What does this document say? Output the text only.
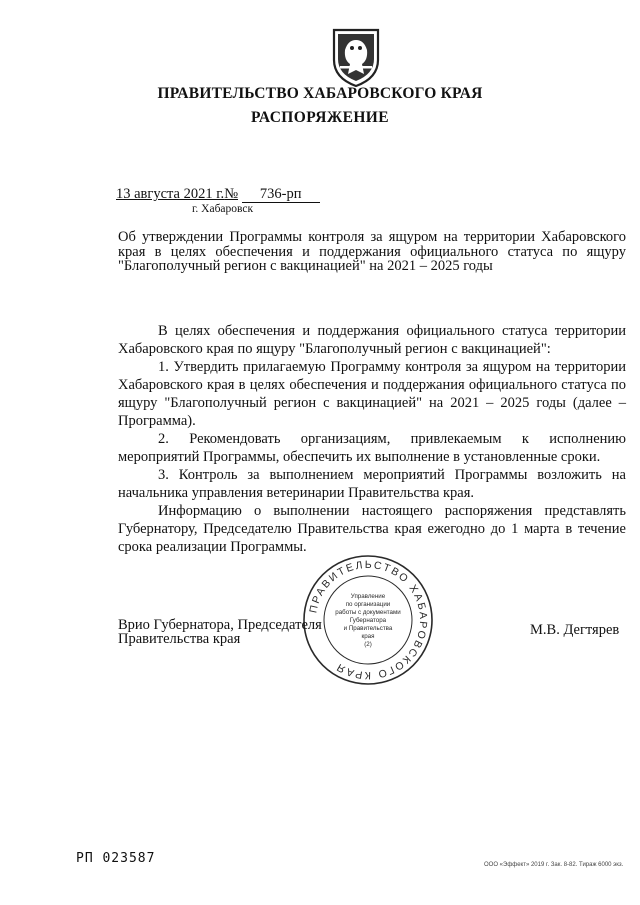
ПРАВИТЕЛЬСТВО ХАБАРОВСКОГО КРАЯ
РАСПОРЯЖЕНИЕ
13 августа 2021 г.№ 736-рп
г. Хабаровск
Об утверждении Программы контроля за ящуром на территории Хабаровского края в целях обеспечения и поддержания официального статуса по ящуру "Благополучный регион с вакцинацией" на 2021 – 2025 годы

В целях обеспечения и поддержания официального статуса территории Хабаровского края по ящуру "Благополучный регион с вакцинацией":

1. Утвердить прилагаемую Программу контроля за ящуром на территории Хабаровского края в целях обеспечения и поддержания официального статуса по ящуру "Благополучный регион с вакцинацией" на 2021 – 2025 годы (далее – Программа).

2. Рекомендовать организациям, привлекаемым к исполнению мероприятий Программы, обеспечить их выполнение в установленные сроки.

3. Контроль за выполнением мероприятий Программы возложить на начальника управления ветеринарии Правительства края.

Информацию о выполнении настоящего распоряжения представлять Губернатору, Председателю Правительства края ежегодно до 1 марта в течение срока реализации Программы.

ПРАВИТЕЛЬСТВО ХАБАРОВСКОГО КРАЯ
Управление
по организации
работы с документами
Губернатора
и Правительства
края
(2)
Врио Губернатора, Председателя
Правительства края
М.В. Дегтярев
РП 023587	ООО «Эффект» 2019 г. Зак. 8-82. Тираж 6000 экз.
